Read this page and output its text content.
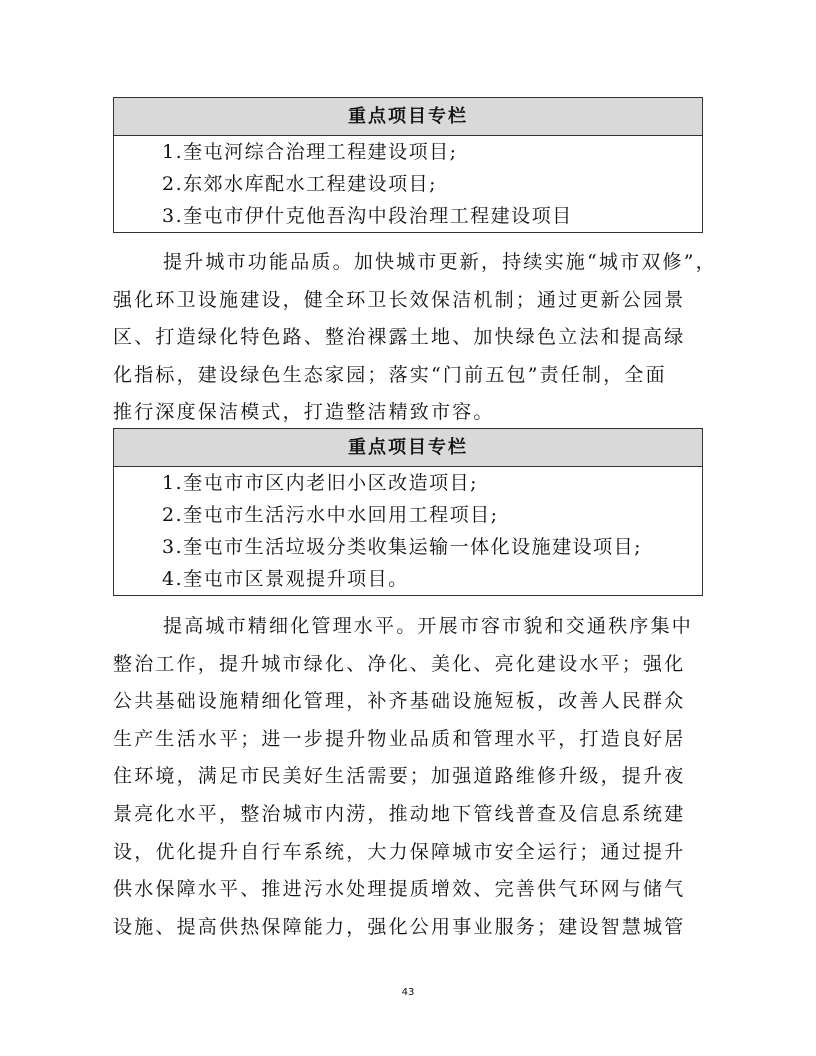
重点项目专栏
1.奎屯河综合治理工程建设项目;
2.东郊水库配水工程建设项目;
3.奎屯市伊什克他吾沟中段治理工程建设项目

提升城市功能品质。加快城市更新，持续实施“城市双修”，
强化环卫设施建设，健全环卫长效保洁机制；通过更新公园景
区、打造绿化特色路、整治裸露土地、加快绿色立法和提高绿
化指标，建设绿色生态家园；落实“门前五包”责任制，全面
推行深度保洁模式，打造整洁精致市容。

重点项目专栏
1.奎屯市市区内老旧小区改造项目;
2.奎屯市生活污水中水回用工程项目;
3.奎屯市生活垃圾分类收集运输一体化设施建设项目;
4.奎屯市区景观提升项目。

提高城市精细化管理水平。开展市容市貌和交通秩序集中
整治工作，提升城市绿化、净化、美化、亮化建设水平；强化
公共基础设施精细化管理，补齐基础设施短板，改善人民群众
生产生活水平；进一步提升物业品质和管理水平，打造良好居
住环境，满足市民美好生活需要；加强道路维修升级，提升夜
景亮化水平，整治城市内涝，推动地下管线普查及信息系统建
设，优化提升自行车系统，大力保障城市安全运行；通过提升
供水保障水平、推进污水处理提质增效、完善供气环网与储气
设施、提高供热保障能力，强化公用事业服务；建设智慧城管

43
